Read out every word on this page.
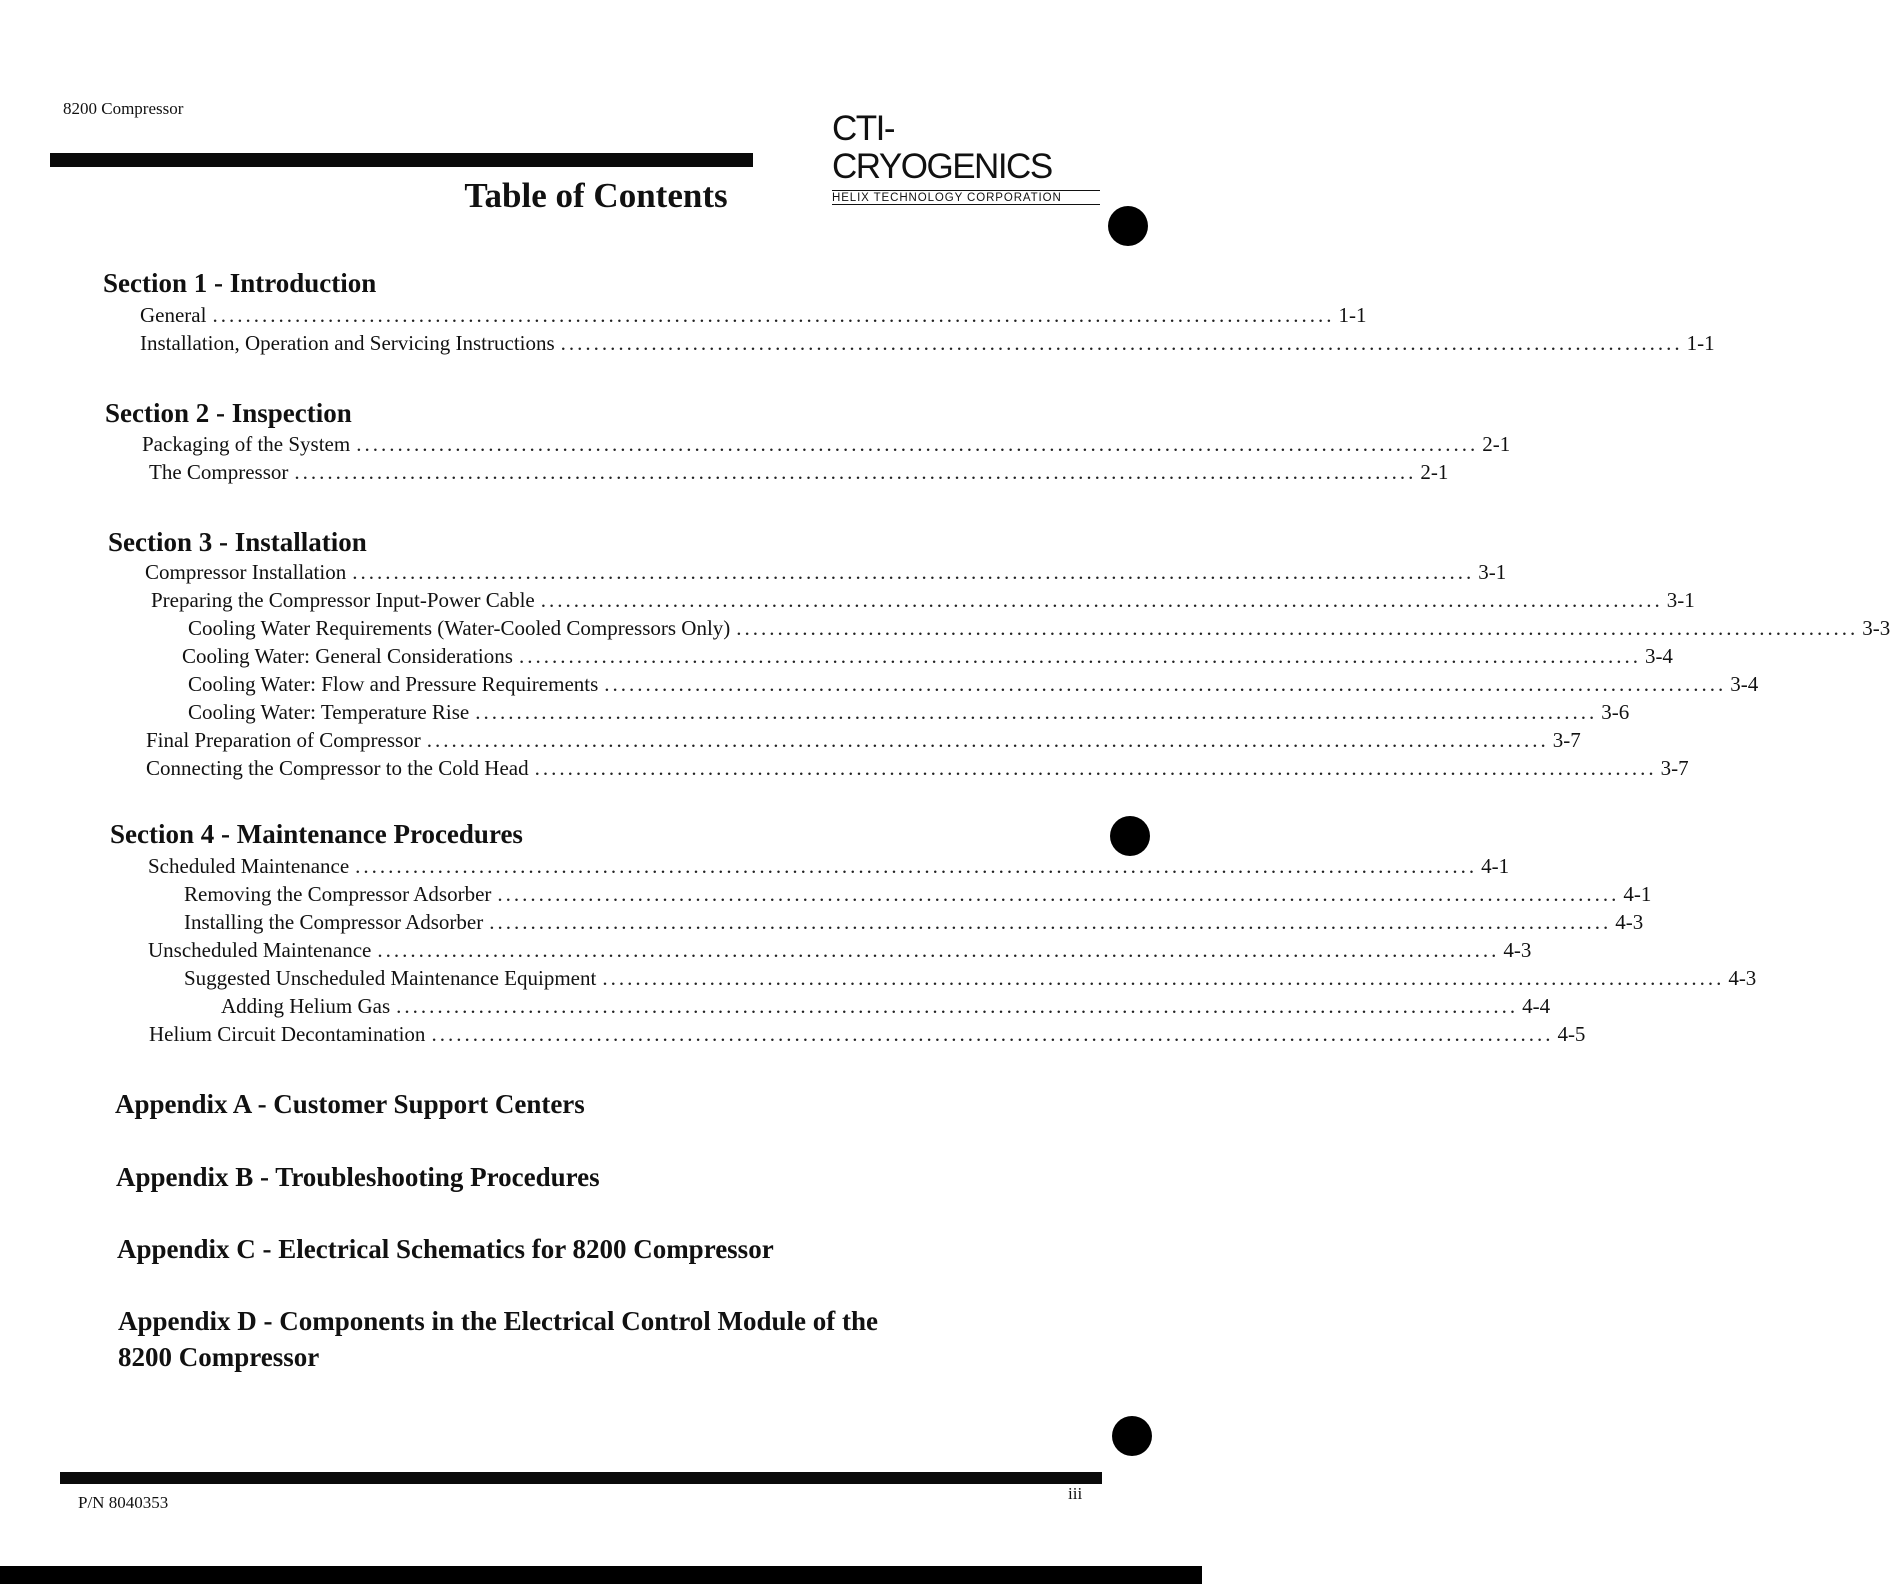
8200 Compressor
CTI-CRYOGENICS
HELIX TECHNOLOGY CORPORATION
Table of Contents
Section 1 - Introduction
General ........................................................................................................................................ 1-1
Installation, Operation and Servicing Instructions ........................................................................................................................................ 1-1
Section 2 - Inspection
Packaging of the System ........................................................................................................................................ 2-1
The Compressor ........................................................................................................................................ 2-1
Section 3 - Installation
Compressor Installation ........................................................................................................................................ 3-1
Preparing the Compressor Input-Power Cable ........................................................................................................................................ 3-1
Cooling Water Requirements (Water-Cooled Compressors Only) ........................................................................................................................................ 3-3
Cooling Water: General Considerations ........................................................................................................................................ 3-4
Cooling Water: Flow and Pressure Requirements ........................................................................................................................................ 3-4
Cooling Water: Temperature Rise ........................................................................................................................................ 3-6
Final Preparation of Compressor ........................................................................................................................................ 3-7
Connecting the Compressor to the Cold Head ........................................................................................................................................ 3-7
Section 4 - Maintenance Procedures
Scheduled Maintenance ........................................................................................................................................ 4-1
Removing the Compressor Adsorber ........................................................................................................................................ 4-1
Installing the Compressor Adsorber ........................................................................................................................................ 4-3
Unscheduled Maintenance ........................................................................................................................................ 4-3
Suggested Unscheduled Maintenance Equipment ........................................................................................................................................ 4-3
Adding Helium Gas ........................................................................................................................................ 4-4
Helium Circuit Decontamination ........................................................................................................................................ 4-5
Appendix A - Customer Support Centers
Appendix B - Troubleshooting Procedures
Appendix C - Electrical Schematics for 8200 Compressor
Appendix D - Components in the Electrical Control Module of the 8200 Compressor
P/N 8040353	iii
